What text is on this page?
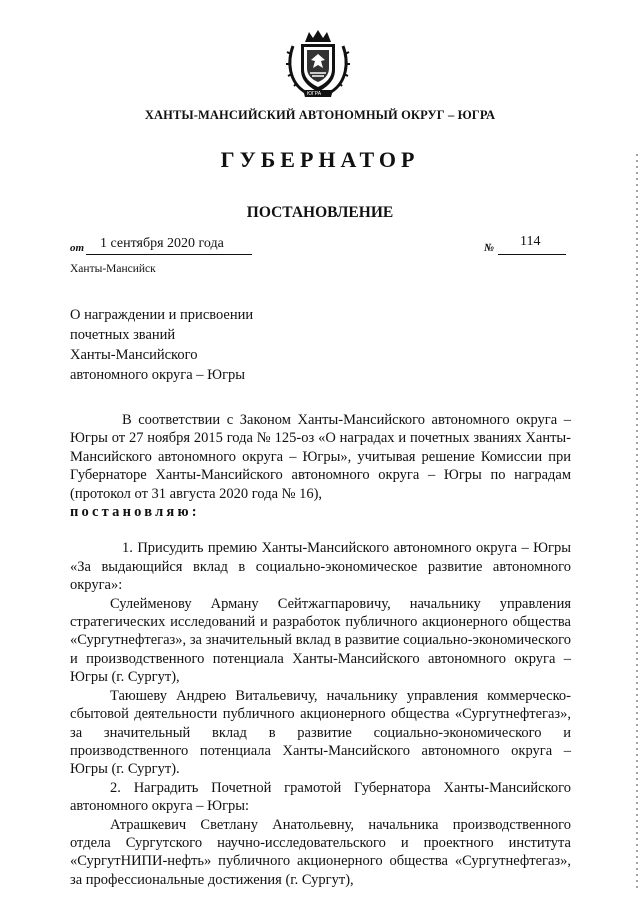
ЮГРА
ХАНТЫ-МАНСИЙСКИЙ АВТОНОМНЫЙ ОКРУГ – ЮГРА
ГУБЕРНАТОР
ПОСТАНОВЛЕНИЕ
от 1 сентября 2020 года	№ 114
Ханты-Мансийск
О награждении и присвоении
почетных званий
Ханты-Мансийского
автономного округа – Югры

В соответствии с Законом Ханты-Мансийского автономного округа – Югры от 27 ноября 2015 года № 125-оз «О наградах и почетных званиях Ханты-Мансийского автономного округа – Югры», учитывая решение Комиссии при Губернаторе Ханты-Мансийского автономного округа – Югры по наградам (протокол от 31 августа 2020 года № 16),

постановляю:

1. Присудить премию Ханты-Мансийского автономного округа – Югры «За выдающийся вклад в социально-экономическое развитие автономного округа»:

Сулейменову Арману Сейтжагпаровичу, начальнику управления стратегических исследований и разработок публичного акционерного общества «Сургутнефтегаз», за значительный вклад в развитие социально-экономического и производственного потенциала Ханты-Мансийского автономного округа – Югры (г. Сургут),

Таюшеву Андрею Витальевичу, начальнику управления коммерческо-сбытовой деятельности публичного акционерного общества «Сургутнефтегаз», за значительный вклад в развитие социально-экономического и производственного потенциала Ханты-Мансийского автономного округа – Югры (г. Сургут).

2. Наградить Почетной грамотой Губернатора Ханты-Мансийского автономного округа – Югры:

Атрашкевич Светлану Анатольевну, начальника производственного отдела Сургутского научно-исследовательского и проектного института «СургутНИПИ-нефть» публичного акционерного общества «Сургутнефтегаз», за профессиональные достижения (г. Сургут),
